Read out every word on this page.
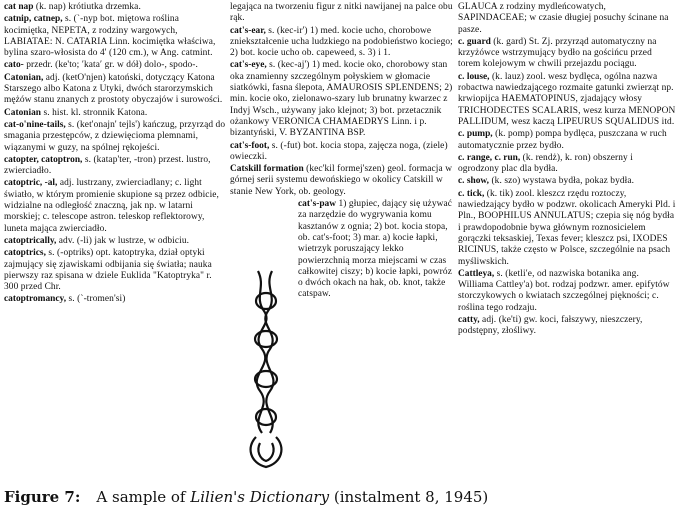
cat nap (k. nap) krótiutka drzemka.
catnip, catnep, s. (`-nyp bot. miętowa roślina kocimiętka, NEPETA, z rodziny wargowych, LABIATAE: N. CATARIA Linn. kocimiętka właściwa, bylina szaro-włosista do 4' (120 cm.), w Ang. catmint.
cato- przedr. (ke'to; ′kata′ gr. w dół) dolo-, spodo-.
Catonian, adj. (ketO'njen) katoński, dotyczący Katona Starszego albo Katona z Utyki, dwóch starorzymskich mężów stanu znanych z prostoty obyczajów i surowości.
Catonian s. hist. kl. stronnik Katona.
cat-o'nine-tails, s. (ket'onajn' tejls') kańczug, przyrząd do smagania przestępców, z dziewięcioma plemnami, wiązanymi w guzy, na spólnej rękojeści.
catopter, catoptron, s. (katap'ter, -tron) przest. lustro, zwierciadło.
catoptric, -al, adj. lustrzany, zwierciadlany; c. light światło, w którym promienie skupione są przez odbicie, widzialne na odległość znaczną, jak np. w latarni morskiej; c. telescope astron. teleskop reflektorowy, luneta mająca zwierciadło.
catoptrically, adv. (-li) jak w lustrze, w odbiciu.
catoptrics, s. (-optriks) opt. katoptryka, dział optyki zajmujący się zjawiskami odbijania się światła; nauka pierwszy raz spisana w dziele Euklida "Katoptryka" r. 300 przed Chr.
catoptromancy, s. (`-tromen'si)
legająca na tworzeniu figur z nitki nawijanej na palce obu rąk.
cat's-ear, s. (kec-ir') 1) med. kocie ucho, chorobowe zniekształcenie ucha ludzkiego na podobieństwo kociego; 2) bot. kocie ucho ob. capeweed, s. 3) i 1.
cat's-eye, s. (kec-aj') 1) med. kocie oko, chorobowy stan oka znamienny szczególnym połyskiem w głomacie siatkówki, fasna ślepota, AMAUROSIS SPLENDENS; 2) min. kocie oko, zielonawo-szary lub brunatny kwarzec z Indyj Wsch., używany jako klejnot; 3) bot. przetacznik ożankowy VERONICA CHAMAEDRYS Linn. i p. bizantyński, V. BYZANTINA BSP.
cat's-foot, s. (-fut) bot. kocia stopa, zajęcza noga, (ziele) owieczki.
Catskill formation (kec'kil formej'szen) geol. formacja w górnej serii systemu dewońskiego w okolicy Catskill w stanie New York, ob. geology.
cat's-paw 1) głupiec, dający się używać za narzędzie do wygrywania komu kasztanów z ognia; 2) bot. kocia stopa, ob. cat's-foot; 3) mar. a) kocie łapki, wietrzyk poruszający lekko powierzchnią morza miejscami w czas całkowitej ciszy; b) kocie łapki, powróz o dwóch okach na hak, ob. knot, także catspaw.
GLAUCA z rodziny mydleńcowatych, SAPINDACEAE; w czasie długiej posuchy ścinane na pasze.
c. guard (k. gard) St. Zj. przyrząd automatyczny na krzyżówce wstrzymujący bydło na gościńcu przed torem kolejowym w chwili przejazdu pociągu.
c. louse, (k. lauz) zool. wesz bydlęca, ogólna nazwa robactwa nawiedzającego rozmaite gatunki zwierząt np. krwiopijca HAEMATOPINUS, zjadający włosy TRICHODECTES SCALARIS, wesz kurza MENOPON PALLIDUM, wesz kaczą LIPEURUS SQUALIDUS itd.
c. pump, (k. pomp) pompa bydlęca, puszczana w ruch automatycznie przez bydło.
c. range, c. run, (k. rendż), k. ron) obszerny i ogrodzony plac dla bydła.
c. show, (k. szo) wystawa bydła, pokaz bydła.
c. tick, (k. tik) zool. kleszcz rzędu roztoczy, nawiedzający bydło w podzwr. okolicach Ameryki Pld. i Pln., BOOPHILUS ANNULATUS; czepia się nóg bydła i prawdopodobnie bywa głównym roznosicielem gorączki teksaskiej, Texas fever; kleszcz psi, IXODES RICINUS, także często w Polsce, szczególnie na psach myśliwskich.
Cattleya, s. (ketli′e, od nazwiska botanika ang. Williama Cattley'a) bot. rodzaj podzwr. amer. epifytów storczykowych o kwiatach szczególnej piękności; c. roślina tego rodzaju.
catty, adj. (ke'ti) gw. koci, fałszywy, nieszczery, podstępny, złośliwy.
Figure 7: A sample of Lilien's Dictionary (instalment 8, 1945)
